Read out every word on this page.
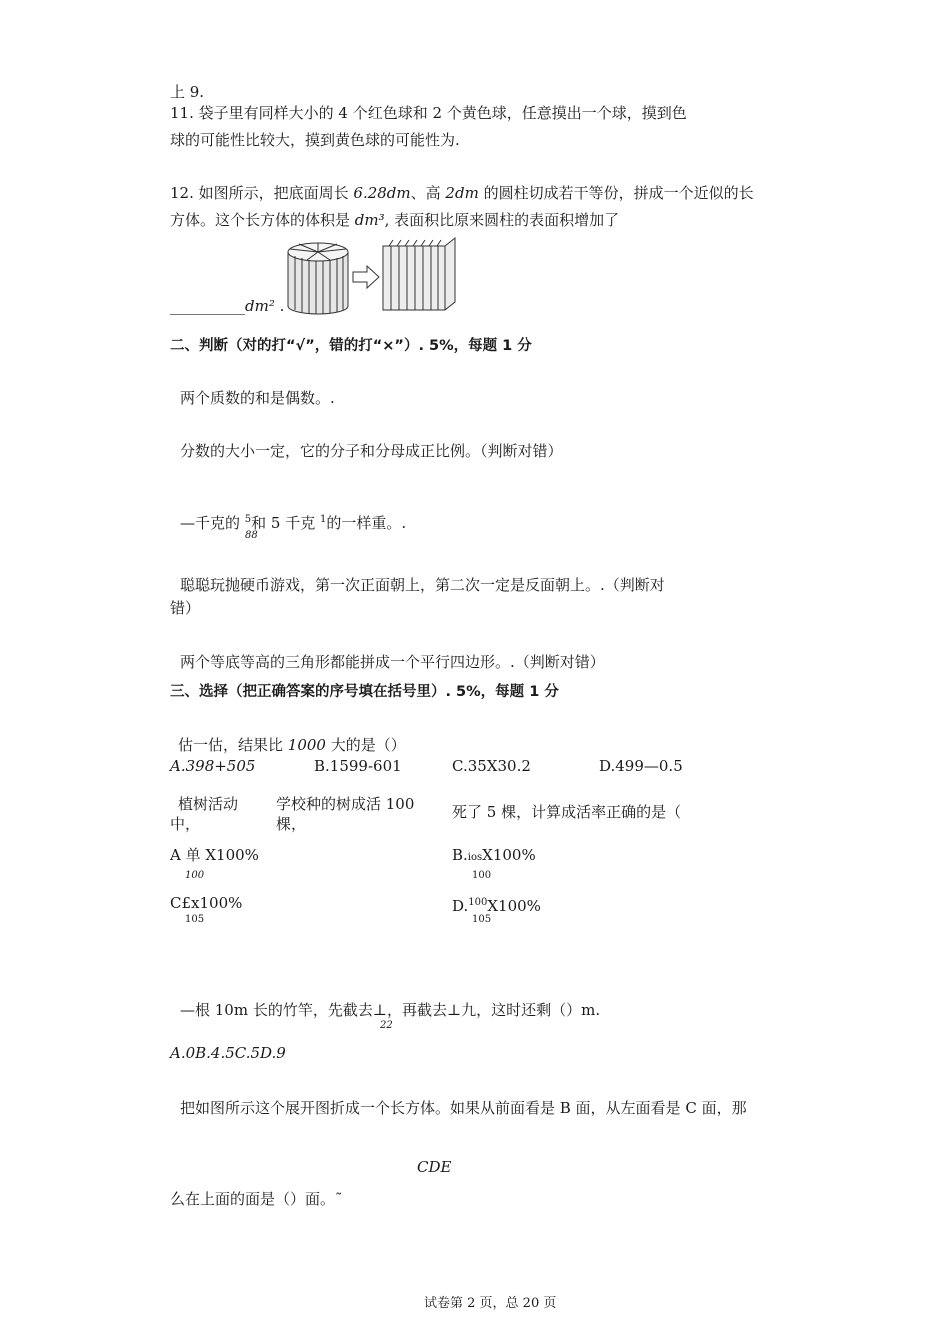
上 9.
11. 袋子里有同样大小的 4 个红色球和 2 个黄色球，任意摸出一个球，摸到色
球的可能性比较大，摸到黄色球的可能性为.
12. 如图所示，把底面周长 6.28dm、高 2dm 的圆柱切成若干等份，拼成一个近似的长
方体。这个长方体的体积是 dm³, 表面积比原来圆柱的表面积增加了
__________dm² .
二、判断（对的打“√”，错的打“×”）. 5%，每题 1 分
两个质数的和是偶数。.
分数的大小一定，它的分子和分母成正比例。（判断对错）
—千克的 $^5$和 5 千克 $^1$的一样重。.
88
聪聪玩抛硬币游戏，第一次正面朝上，第二次一定是反面朝上。.（判断对
错）
两个等底等高的三角形都能拼成一个平行四边形。.（判断对错）
三、选择（把正确答案的序号填在括号里）. 5%，每题 1 分
估一估，结果比 1000 大的是（）
A.398+505	B.1599-601	C.35X30.2	D.499—0.5
植树活动
中，
学校种的树成活 100
棵，
死了 5 棵，计算成活率正确的是（
A 单 X100%
100
B.iosX100%
100
C£x100%
105
D.$^{100}$X100%
105
—根 10m 长的竹竿，先截去⊥，再截去⊥九，这时还剩（）m.
22
A.0B.4.5C.5D.9
把如图所示这个展开图折成一个长方体。如果从前面看是 B 面，从左面看是 C 面，那
CDE
么在上面的面是（）面。˜
试卷第 2 页，总 20 页
